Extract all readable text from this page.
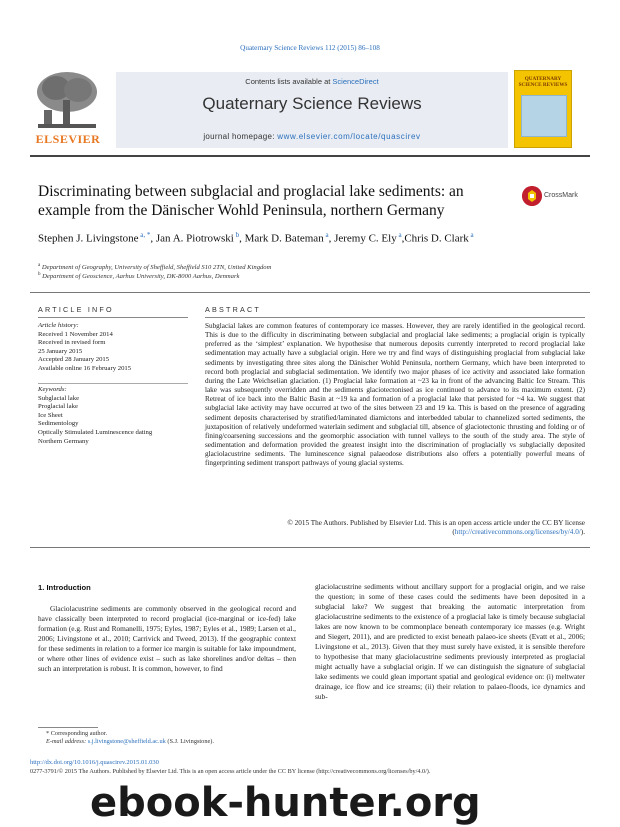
Quaternary Science Reviews 112 (2015) 86–108
ELSEVIER
Contents lists available at ScienceDirect
Quaternary Science Reviews
journal homepage: www.elsevier.com/locate/quascirev
QUATERNARY SCIENCE REVIEWS
Discriminating between subglacial and proglacial lake sediments: an example from the Dänischer Wohld Peninsula, northern Germany
CrossMark
Stephen J. Livingstone $^{a, *}$, Jan A. Piotrowski $^b$, Mark D. Bateman $^a$, Jeremy C. Ely $^a$,Chris D. Clark $^a$
$^a$ Department of Geography, University of Sheffield, Sheffield S10 2TN, United Kingdom
$^b$ Department of Geoscience, Aarhus University, DK-8000 Aarhus, Denmark
ARTICLE INFO
Article history:
Received 1 November 2014
Received in revised form
25 January 2015
Accepted 28 January 2015
Available online 16 February 2015
Keywords:
Subglacial lake
Proglacial lake
Ice Sheet
Sedimentology
Optically Stimulated Luminescence dating
Northern Germany
ABSTRACT
Subglacial lakes are common features of contemporary ice masses. However, they are rarely identified in the geological record. This is due to the difficulty in discriminating between subglacial and proglacial lake sediments; a proglacial origin is typically preferred as the ‘simplest’ explanation. We hypothesise that numerous deposits currently interpreted to record proglacial lake sedimentation may actually have a subglacial origin. Here we try and find ways of distinguishing proglacial from subglacial lake sediments by investigating three sites along the Dänischer Wohld Peninsula, northern Germany, which have been interpreted to record both proglacial and subglacial sedimentation. We identify two major phases of ice activity and associated lake formation during the Late Weichselian glaciation. (1) Proglacial lake formation at ~23 ka in front of the advancing Baltic Ice Stream. This lake was subsequently overridden and the sediments glaciotectonised as ice continued to advance to its maximum extent. (2) Retreat of ice back into the Baltic Basin at ~19 ka and formation of a proglacial lake that persisted for ~4 ka. We suggest that subglacial lake activity may have occurred at two of the sites between 23 and 19 ka. This is based on the presence of aggrading sediment deposits characterised by stratified/laminated diamictons and interbedded tabular to channelized sorted sediments, the juxtaposition of relatively undeformed waterlain sediment and subglacial till, absence of glaciotectonic thrusting and folding or of fining/coarsening successions and the geomorphic association with tunnel valleys to the south of the study area. The style of sedimentation and deformation provided the greatest insight into the discrimination of proglacially vs subglacially deposited glaciolacustrine sediments. The luminescence signal palaeodose distributions also offers a potentially powerful means of fingerprinting sediment transport pathways of young glacial systems.
© 2015 The Authors. Published by Elsevier Ltd. This is an open access article under the CC BY license (http://creativecommons.org/licenses/by/4.0/).
1. Introduction

Glaciolacustrine sediments are commonly observed in the geological record and have classically been interpreted to record proglacial (ice-marginal or ice-fed) lake formation (e.g. Rust and Romanelli, 1975; Eyles, 1987; Eyles et al., 1989; Larsen et al., 2006; Livingstone et al., 2010; Carrivick and Tweed, 2013). If the geographic context for these sediments in relation to a former ice margin is suitable for lake impoundment, or where other lines of evidence exist – such as lake shorelines and/or deltas – then such an interpretation is robust. It is common, however, to find

glaciolacustrine sediments without ancillary support for a proglacial origin, and we raise the question; in some of these cases could the sediments have been deposited in a subglacial lake? We suggest that breaking the automatic interpretation from glaciolacustrine sediments to the existence of a proglacial lake is timely because subglacial lakes are now known to be commonplace beneath contemporary ice masses (e.g. Wright and Siegert, 2011), and are predicted to exist beneath palaeo-ice sheets (Evatt et al., 2006; Livingstone et al., 2013). Given that they must surely have existed, it is sensible therefore to hypothesise that many glaciolacustrine sediments previously interpreted as proglacial might actually have a subglacial origin. If we can distinguish the signature of subglacial lake sediments we could glean important spatial and geological evidence on: (i) meltwater drainage, ice flow and ice streams; (ii) their relation to palaeo-floods, ice dynamics and sub-

* Corresponding author.
E-mail address: s.j.livingstone@sheffield.ac.uk (S.J. Livingstone).
http://dx.doi.org/10.1016/j.quascirev.2015.01.030
0277-3791/© 2015 The Authors. Published by Elsevier Ltd. This is an open access article under the CC BY license (http://creativecommons.org/licenses/by/4.0/).
ebook-hunter.org
